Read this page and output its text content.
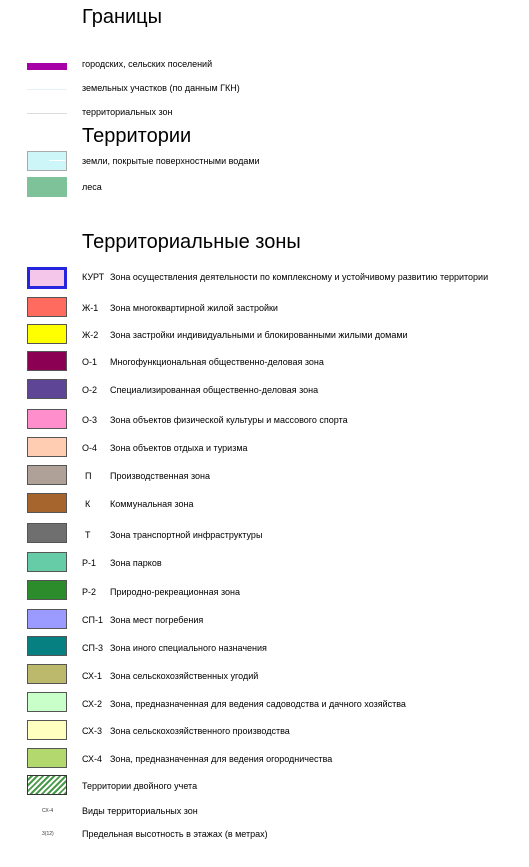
Границы
городских, сельских поселений
земельных участков (по данным ГКН)
территориальных зон
Территории
земли, покрытые поверхностными водами
леса
Территориальные зоны
КУРТ Зона осуществления деятельности по комплексному и устойчивому развитию территории
Ж-1 Зона многоквартирной жилой застройки
Ж-2 Зона застройки индивидуальными и блокированными жилыми домами
О-1 Многофункциональная общественно-деловая зона
О-2 Специализированная общественно-деловая зона
О-3 Зона объектов физической культуры и массового спорта
О-4 Зона объектов отдыха и туризма
П Производственная зона
К Коммунальная зона
Т Зона транспортной инфраструктуры
Р-1 Зона парков
Р-2 Природно-рекреационная зона
СП-1 Зона мест погребения
СП-3 Зона иного специального назначения
СХ-1 Зона сельскохозяйственных угодий
СХ-2 Зона, предназначенная для ведения садоводства и дачного хозяйства
СХ-3 Зона сельскохозяйственного производства
СХ-4 Зона, предназначенная для ведения огородничества
Территории двойного учета
СХ-4	Виды территориальных зон
3(12)	Предельная высотность в этажах (в метрах)
